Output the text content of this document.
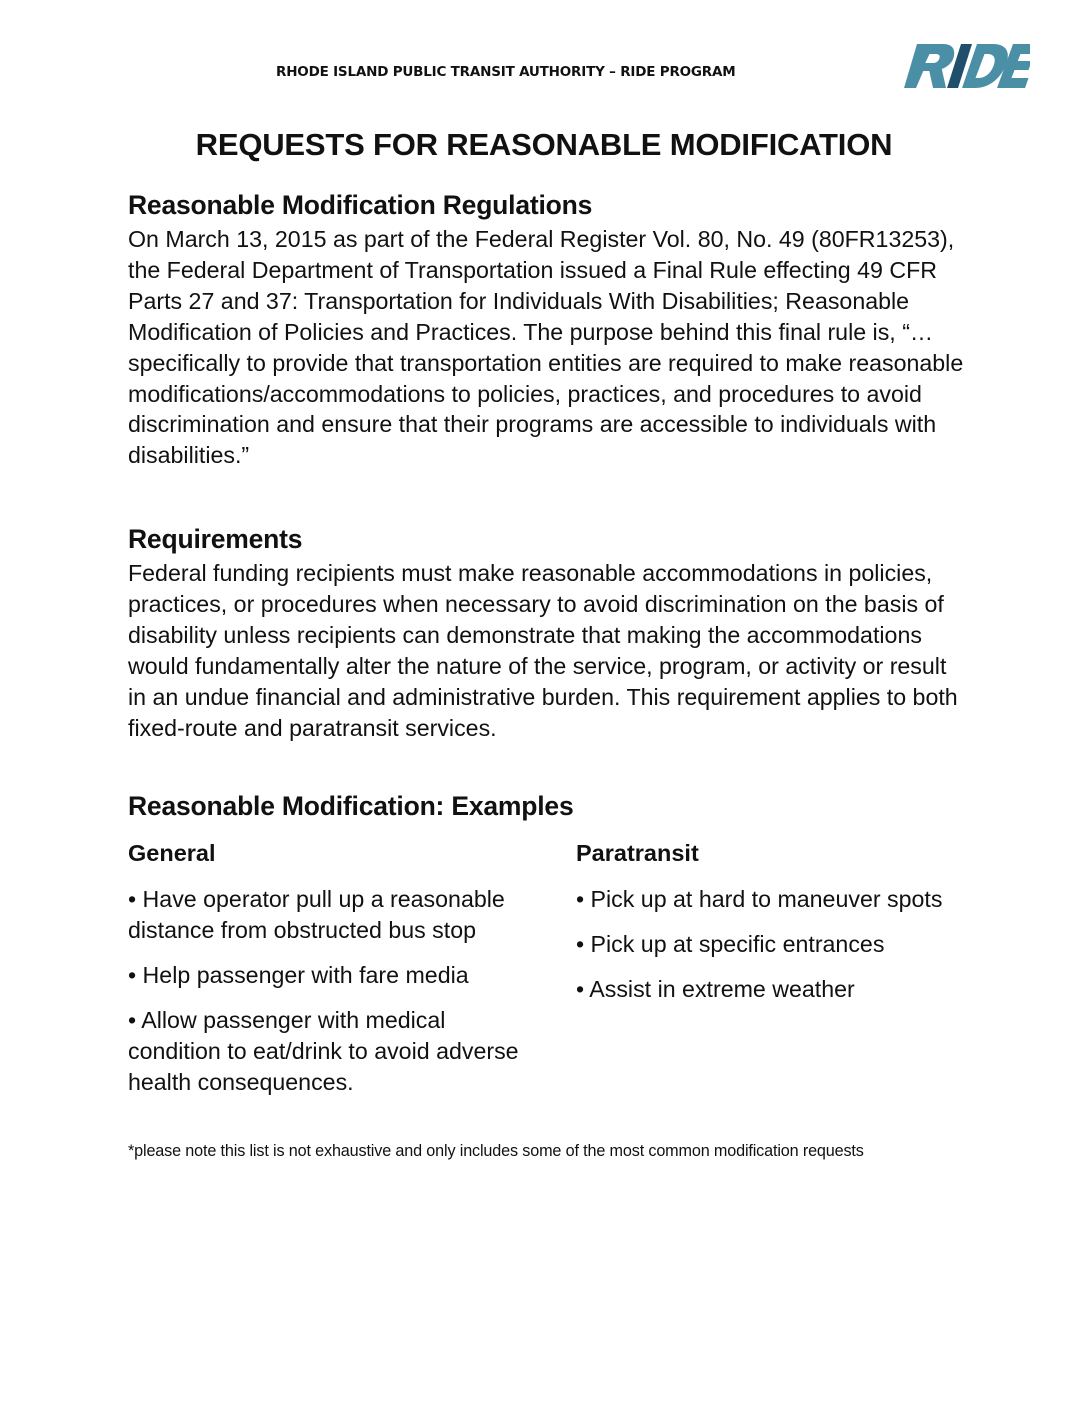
RHODE ISLAND PUBLIC TRANSIT AUTHORITY – RIDE PROGRAM
REQUESTS FOR REASONABLE MODIFICATION
Reasonable Modification Regulations

On March 13, 2015 as part of the Federal Register Vol. 80, No. 49 (80FR13253), the Federal Department of Transportation issued a Final Rule effecting 49 CFR Parts 27 and 37: Transportation for Individuals With Disabilities; Reasonable Modification of Policies and Practices. The purpose behind this final rule is, “…specifically to provide that transportation entities are required to make reasonable modifications/accommodations to policies, practices, and procedures to avoid discrimination and ensure that their programs are accessible to individuals with disabilities.”

Requirements

Federal funding recipients must make reasonable accommodations in policies, practices, or procedures when necessary to avoid discrimination on the basis of disability unless recipients can demonstrate that making the accommodations would fundamentally alter the nature of the service, program, or activity or result in an undue financial and administrative burden. This requirement applies to both fixed-route and paratransit services.

Reasonable Modification: Examples
General

• Have operator pull up a reasonable distance from obstructed bus stop

• Help passenger with fare media

• Allow passenger with medical condition to eat/drink to avoid adverse health consequences.

Paratransit

• Pick up at hard to maneuver spots

• Pick up at specific entrances

• Assist in extreme weather

*please note this list is not exhaustive and only includes some of the most common modification requests
